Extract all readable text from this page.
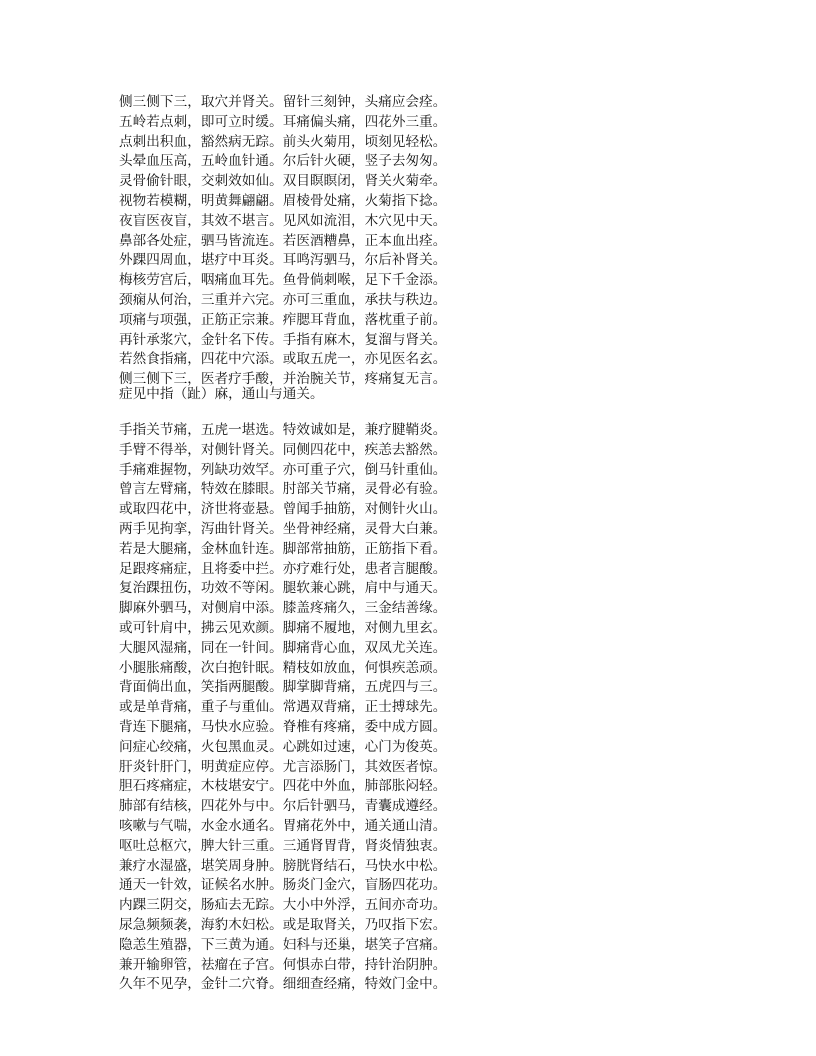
侧三侧下三，取穴并肾关。留针三刻钟，头痛应会痊。
五岭若点刺，即可立时缓。耳痛偏头痛，四花外三重。
点刺出积血，豁然病无踪。前头火菊用，顷刻见轻松。
头晕血压高，五岭血针通。尔后针火硬，竖子去匆匆。
灵骨偷针眼，交刺效如仙。双目瞑瞑闭，肾关火菊牵。
视物若模糊，明黄舞翩翩。眉棱骨处痛，火菊指下捻。
夜盲医夜盲，其效不堪言。见风如流泪，木穴见中天。
鼻部各处症，驷马皆流连。若医酒糟鼻，正本血出痊。
外踝四周血，堪疗中耳炎。耳鸣泻驷马，尔后补肾关。
梅核劳宫后，咽痛血耳先。鱼骨倘刺喉，足下千金添。
颈痫从何治，三重并六完。亦可三重血，承扶与秩边。
项痛与项强，正筋正宗兼。痄腮耳背血，落枕重子前。
再针承浆穴，金针名下传。手指有麻木，复溜与肾关。
若然食指痛，四花中穴添。或取五虎一，亦见医名玄。
侧三侧下三，医者疗手酸，并治腕关节，疼痛复无言。
症见中指（趾）麻，通山与通关。
手指关节痛，五虎一堪选。特效诚如是，兼疗腱鞘炎。
手臂不得举，对侧针肾关。同侧四花中，疾恙去豁然。
手痛难握物，列缺功效罕。亦可重子穴，倒马针重仙。
曾言左臂痛，特效在膝眼。肘部关节痛，灵骨必有验。
或取四花中，济世将壶悬。曾闻手抽筋，对侧针火山。
两手见拘挛，泻曲针肾关。坐骨神经痛，灵骨大白兼。
若是大腿痛，金林血针连。脚部常抽筋，正筋指下看。
足跟疼痛症，且将委中拦。亦疗难行处，患者言腿酸。
复治踝扭伤，功效不等闲。腿软兼心跳，肩中与通天。
脚麻外驷马，对侧肩中添。膝盖疼痛久，三金结善缘。
或可针肩中，拂云见欢颜。脚痛不履地，对侧九里玄。
大腿风湿痛，同在一针间。脚痛背心血，双凤尤关连。
小腿胀痛酸，次白抱针眠。精枝如放血，何惧疾恙顽。
背面倘出血，笑指两腿酸。脚掌脚背痛，五虎四与三。
或是单背痛，重子与重仙。常遇双背痛，正士搏球先。
背连下腿痛，马快水应验。脊椎有疼痛，委中成方圆。
问症心绞痛，火包黑血灵。心跳如过速，心门为俊英。
肝炎针肝门，明黄症应停。尤言添肠门，其效医者惊。
胆石疼痛症，木枝堪安宁。四花中外血，肺部胀闷轻。
肺部有结核，四花外与中。尔后针驷马，青囊成遵经。
咳嗽与气喘，水金水通名。胃痛花外中，通关通山清。
呕吐总枢穴，脾大针三重。三通肾胃背，肾炎情独衷。
兼疗水湿盛，堪笑周身肿。膀胱肾结石，马快水中松。
通天一针效，证候名水肿。肠炎门金穴，盲肠四花功。
内踝三阴交，肠疝去无踪。大小中外浮，五间亦奇功。
尿急频频袭，海豹木妇松。或是取肾关，乃叹指下宏。
隐恙生殖器，下三黄为通。妇科与还巢，堪笑子宫痛。
兼开输卵管，祛瘤在子宫。何惧赤白带，持针治阴肿。
久年不见孕，金针二穴脊。细细查经痛，特效门金中。
